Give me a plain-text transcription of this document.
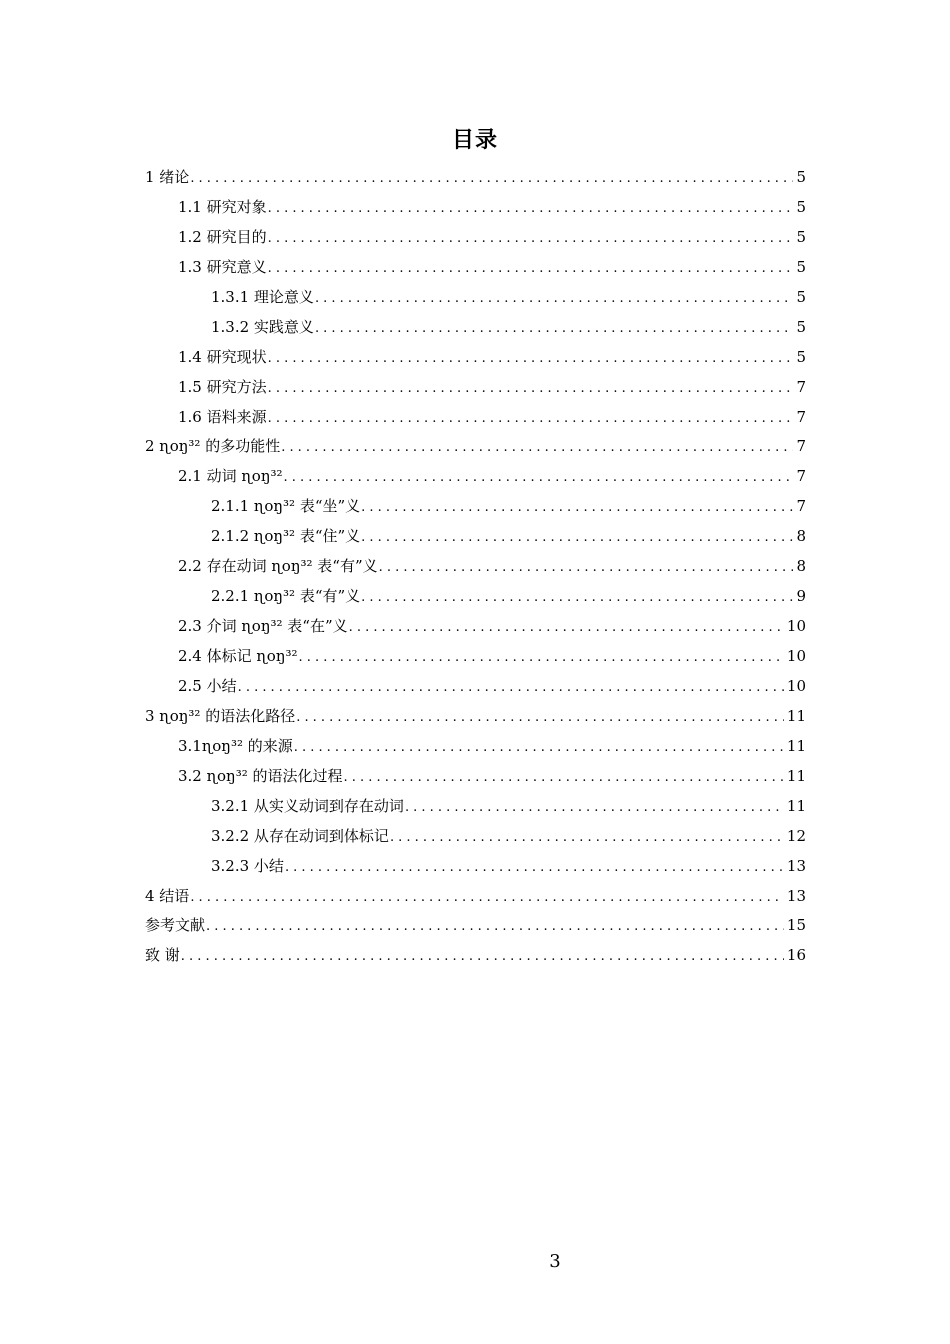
目录
1 绪论 .....	5
1.1 研究对象 .....	5
1.2 研究目的 .....	5
1.3 研究意义 .....	5
1.3.1 理论意义 .....	5
1.3.2 实践意义 .....	5
1.4 研究现状 .....	5
1.5 研究方法 .....	7
1.6 语料来源 .....	7
2 ɳoŋ³² 的多功能性 .....	7
2.1 动词 ɳoŋ³² .....	7
2.1.1 ɳoŋ³² 表“坐”义 .....	7
2.1.2 ɳoŋ³² 表“住”义 .....	8
2.2 存在动词 ɳoŋ³² 表“有”义 .....	8
2.2.1 ɳoŋ³² 表“有”义 .....	9
2.3 介词 ɳoŋ³² 表“在”义 .....	10
2.4 体标记 ɳoŋ³² .....	10
2.5 小结 .....	10
3 ɳoŋ³² 的语法化路径 .....	11
3.1ɳoŋ³² 的来源 .....	11
3.2 ɳoŋ³² 的语法化过程 .....	11
3.2.1 从实义动词到存在动词 .....	11
3.2.2 从存在动词到体标记 .....	12
3.2.3 小结 .....	13
4 结语 .....	13
参考文献 .....	15
致 谢 .....	16
3
